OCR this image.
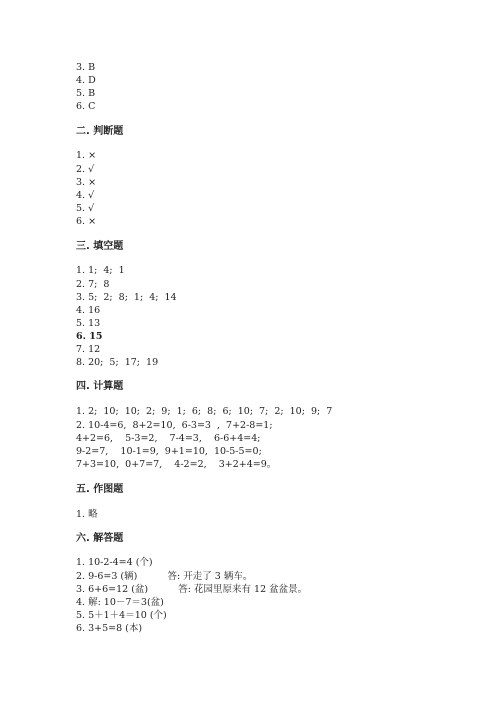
3. B
4. D
5. B
6. C
二. 判断题
1. ×
2. √
3. ×
4. √
5. √
6. ×
三. 填空题
1. 1;  4;  1
2. 7;  8
3. 5;  2;  8;  1;  4;  14
4. 16
5. 13
6. 15
7. 12
8. 20;  5;  17;  19
四. 计算题
1. 2;  10;  10;  2;  9;  1;  6;  8;  6;  10;  7;  2;  10;  9;  7
2. 10-4=6,  8+2=10,  6-3=3  ,  7+2-8=1;
4+2=6,    5-3=2,    7-4=3,    6-6+4=4;
9-2=7,    10-1=9,  9+1=10,  10-5-5=0;
7+3=10,  0+7=7,    4-2=2,    3+2+4=9。
五. 作图题
1. 略
六. 解答题
1. 10-2-4=4 (个)
2. 9-6=3 (辆)          答: 开走了 3 辆车。
3. 6+6=12 (盆)          答: 花园里原来有 12 盆盆景。
4. 解: 10－7＝3(盆)
5. 5＋1＋4＝10 (个)
6. 3+5=8 (本)
